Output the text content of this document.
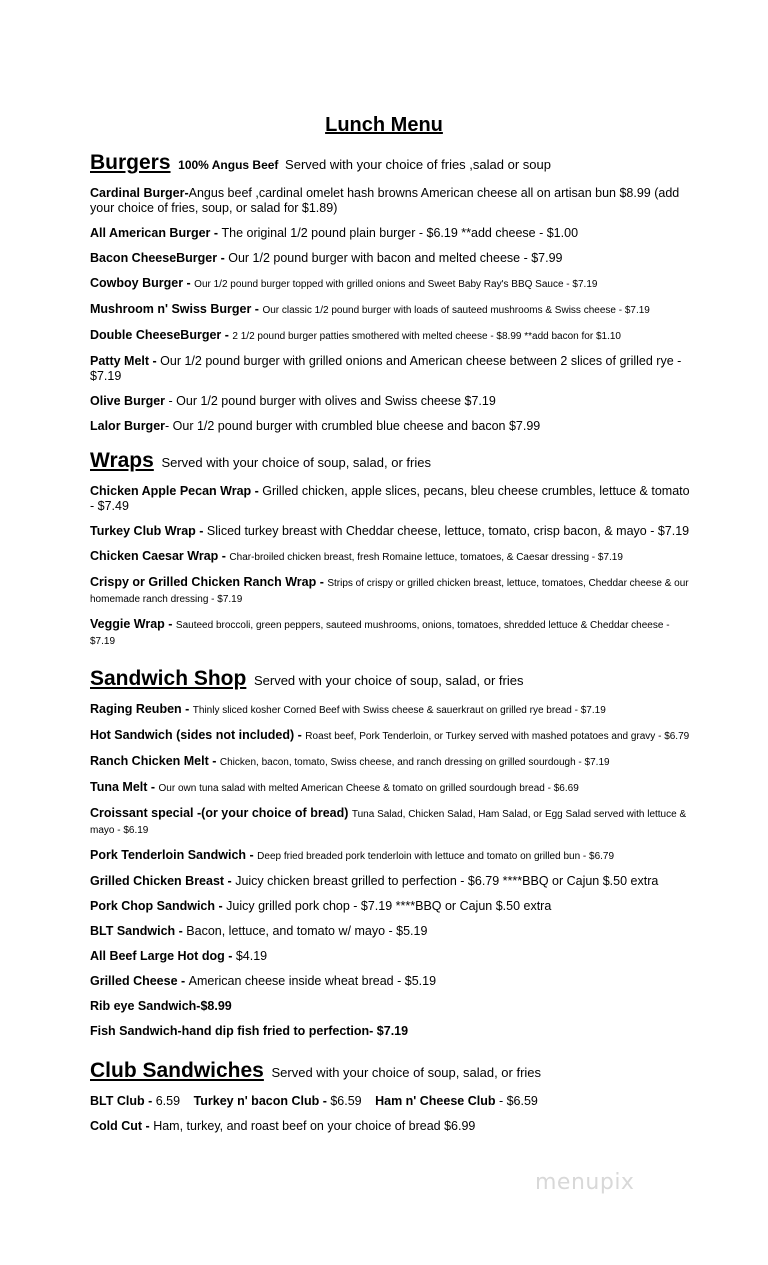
Lunch Menu
Burgers 100% Angus Beef Served with your choice of fries ,salad or soup
Cardinal Burger-Angus beef ,cardinal omelet hash browns American cheese all on artisan bun $8.99 (add your choice of fries, soup, or salad for $1.89)
All American Burger - The original 1/2 pound plain burger - $6.19 **add cheese - $1.00
Bacon CheeseBurger - Our 1/2 pound burger with bacon and melted cheese - $7.99
Cowboy Burger - Our 1/2 pound burger topped with grilled onions and Sweet Baby Ray's BBQ Sauce - $7.19
Mushroom n' Swiss Burger - Our classic 1/2 pound burger with loads of sauteed mushrooms & Swiss cheese - $7.19
Double CheeseBurger - 2 1/2 pound burger patties smothered with melted cheese - $8.99 **add bacon for $1.10
Patty Melt - Our 1/2 pound burger with grilled onions and American cheese between 2 slices of grilled rye - $7.19
Olive Burger - Our 1/2 pound burger with olives and Swiss cheese $7.19
Lalor Burger- Our 1/2 pound burger with crumbled blue cheese and bacon $7.99
Wraps Served with your choice of soup, salad, or fries
Chicken Apple Pecan Wrap - Grilled chicken, apple slices, pecans, bleu cheese crumbles, lettuce & tomato - $7.49
Turkey Club Wrap - Sliced turkey breast with Cheddar cheese, lettuce, tomato, crisp bacon, & mayo - $7.19
Chicken Caesar Wrap - Char-broiled chicken breast, fresh Romaine lettuce, tomatoes, & Caesar dressing - $7.19
Crispy or Grilled Chicken Ranch Wrap - Strips of crispy or grilled chicken breast, lettuce, tomatoes, Cheddar cheese & our homemade ranch dressing - $7.19
Veggie Wrap - Sauteed broccoli, green peppers, sauteed mushrooms, onions, tomatoes, shredded lettuce & Cheddar cheese - $7.19
Sandwich Shop Served with your choice of soup, salad, or fries
Raging Reuben - Thinly sliced kosher Corned Beef with Swiss cheese & sauerkraut on grilled rye bread - $7.19
Hot Sandwich (sides not included) - Roast beef, Pork Tenderloin, or Turkey served with mashed potatoes and gravy - $6.79
Ranch Chicken Melt - Chicken, bacon, tomato, Swiss cheese, and ranch dressing on grilled sourdough - $7.19
Tuna Melt - Our own tuna salad with melted American Cheese & tomato on grilled sourdough bread - $6.69
Croissant special -(or your choice of bread) Tuna Salad, Chicken Salad, Ham Salad, or Egg Salad served with lettuce & mayo - $6.19
Pork Tenderloin Sandwich - Deep fried breaded pork tenderloin with lettuce and tomato on grilled bun - $6.79
Grilled Chicken Breast - Juicy chicken breast grilled to perfection - $6.79 ****BBQ or Cajun $.50 extra
Pork Chop Sandwich - Juicy grilled pork chop - $7.19 ****BBQ or Cajun $.50 extra
BLT Sandwich - Bacon, lettuce, and tomato w/ mayo - $5.19
All Beef Large Hot dog - $4.19
Grilled Cheese - American cheese inside wheat bread - $5.19
Rib eye Sandwich-$8.99
Fish Sandwich-hand dip fish fried to perfection- $7.19
Club Sandwiches Served with your choice of soup, salad, or fries
BLT Club - 6.59 Turkey n' bacon Club - $6.59 Ham n' Cheese Club - $6.59
Cold Cut - Ham, turkey, and roast beef on your choice of bread $6.99
menupix
